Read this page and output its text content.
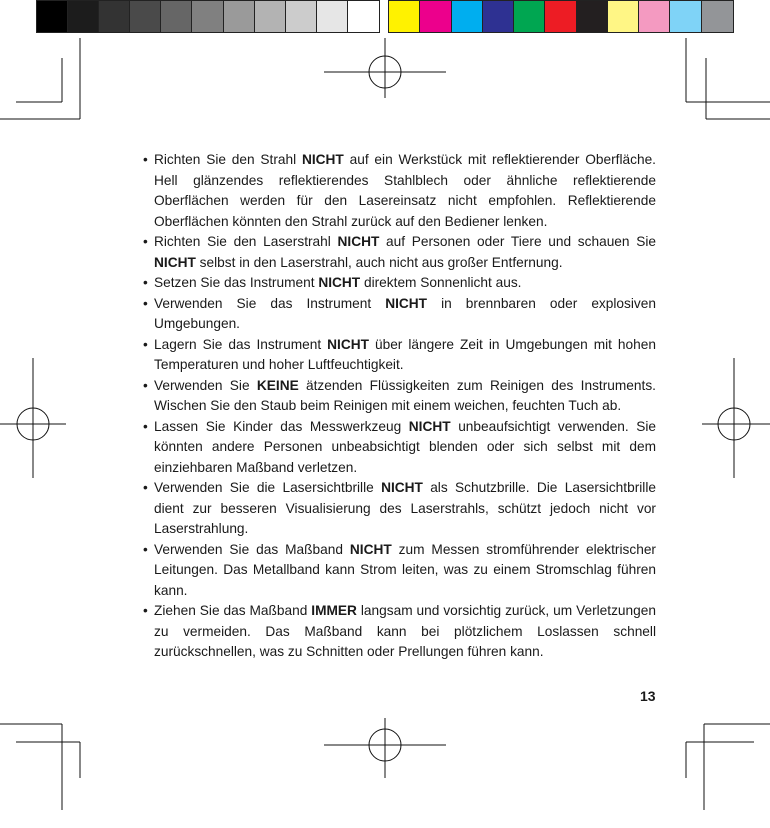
• Richten Sie den Strahl NICHT auf ein Werkstück mit reflektierender Oberfläche. Hell glänzendes reflektierendes Stahlblech oder ähnliche reflektierende Oberflächen werden für den Lasereinsatz nicht empfohlen. Reflektierende Oberflächen könnten den Strahl zurück auf den Bediener lenken.
• Richten Sie den Laserstrahl NICHT auf Personen oder Tiere und schauen Sie NICHT selbst in den Laserstrahl, auch nicht aus großer Entfernung.
• Setzen Sie das Instrument NICHT direktem Sonnenlicht aus.
• Verwenden Sie das Instrument NICHT in brennbaren oder explosiven Umgebungen.
• Lagern Sie das Instrument NICHT über längere Zeit in Umgebungen mit hohen Temperaturen und hoher Luftfeuchtigkeit.
• Verwenden Sie KEINE ätzenden Flüssigkeiten zum Reinigen des Instruments. Wischen Sie den Staub beim Reinigen mit einem weichen, feuchten Tuch ab.
• Lassen Sie Kinder das Messwerkzeug NICHT unbeaufsichtigt verwenden. Sie könnten andere Personen unbeabsichtigt blenden oder sich selbst mit dem einziehbaren Maßband verletzen.
• Verwenden Sie die Lasersichtbrille NICHT als Schutzbrille. Die Lasersichtbrille dient zur besseren Visualisierung des Laserstrahls, schützt jedoch nicht vor Laserstrahlung.
• Verwenden Sie das Maßband NICHT zum Messen stromführender elektrischer Leitungen. Das Metallband kann Strom leiten, was zu einem Stromschlag führen kann.
• Ziehen Sie das Maßband IMMER langsam und vorsichtig zurück, um Verletzungen zu vermeiden. Das Maßband kann bei plötzlichem Loslassen schnell zurückschnellen, was zu Schnitten oder Prellungen führen kann.
13
